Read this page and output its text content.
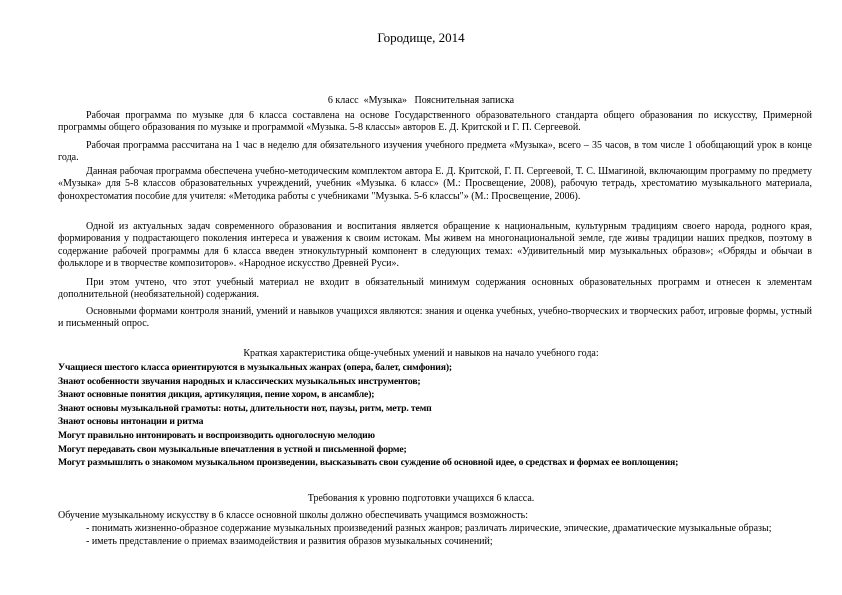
Городище, 2014
6 класс  «Музыка»   Пояснительная записка

Рабочая программа по музыке для 6 класса составлена на основе Государственного образовательного стандарта общего образования по искусству, Примерной программы общего образования по музыке и программой «Музыка. 5-8 классы» авторов Е. Д. Критской и Г. П. Сергеевой.

Рабочая программа рассчитана на 1 час в неделю для обязательного изучения учебного предмета «Музыка», всего – 35 часов, в том числе 1 обобщающий урок в конце года.

Данная рабочая программа обеспечена учебно-методическим комплектом автора Е. Д. Критской, Г. П. Сергеевой, Т. С. Шмагиной, включающим программу по предмету «Музыка» для 5-8 классов образовательных учреждений, учебник «Музыка. 6 класс» (М.: Просвещение, 2008), рабочую тетрадь, хрестоматию музыкального материала, фонохрестоматия пособие для учителя: «Методика работы с учебниками "Музыка. 5-6 классы"» (М.: Просвещение, 2006).

Одной из актуальных задач современного образования и воспитания является обращение к национальным, культурным традициям своего народа, родного края, формирования у подрастающего поколения интереса и уважения к своим истокам. Мы живем на многонациональной земле, где живы традиции наших предков, поэтому в содержание рабочей программы для 6 класса введен этнокультурный компонент в следующих темах: «Удивительный мир музыкальных образов»; «Обряды и обычаи в фольклоре и в творчестве композиторов». «Народное искусство Древней Руси».

При этом учтено, что этот учебный материал не входит в обязательный минимум содержания основных образовательных программ и отнесен к элементам дополнительной (необязательной) содержания.

Основными формами контроля знаний, умений и навыков учащихся являются: знания и оценка учебных, учебно-творческих и творческих работ, игровые формы, устный и письменный опрос.

Краткая характеристика обще-учебных умений и навыков на начало учебного года:
Учащиеся шестого класса ориентируются в музыкальных жанрах (опера, балет, симфония);
Знают особенности звучания народных и классических музыкальных инструментов;
Знают основные понятия дикция, артикуляция, пение хором, в ансамбле);
Знают основы музыкальной грамоты: ноты, длительности нот, паузы, ритм, метр. темп
Знают основы интонации и ритма
Могут правильно интонировать и воспроизводить одноголосную мелодию
Могут передавать свои музыкальные впечатления в устной и письменной форме;
Могут размышлять о знакомом музыкальном произведении, высказывать свои суждение об основной идее, о средствах и формах ее воплощения;
Требования к уровню подготовки учащихся 6 класса.

Обучение музыкальному искусству в 6 классе основной школы должно обеспечивать учащимся возможность:

- понимать жизненно-образное содержание музыкальных произведений разных жанров; различать лирические, эпические, драматические музыкальные образы;
- иметь представление о приемах взаимодействия и развития образов музыкальных сочинений;
